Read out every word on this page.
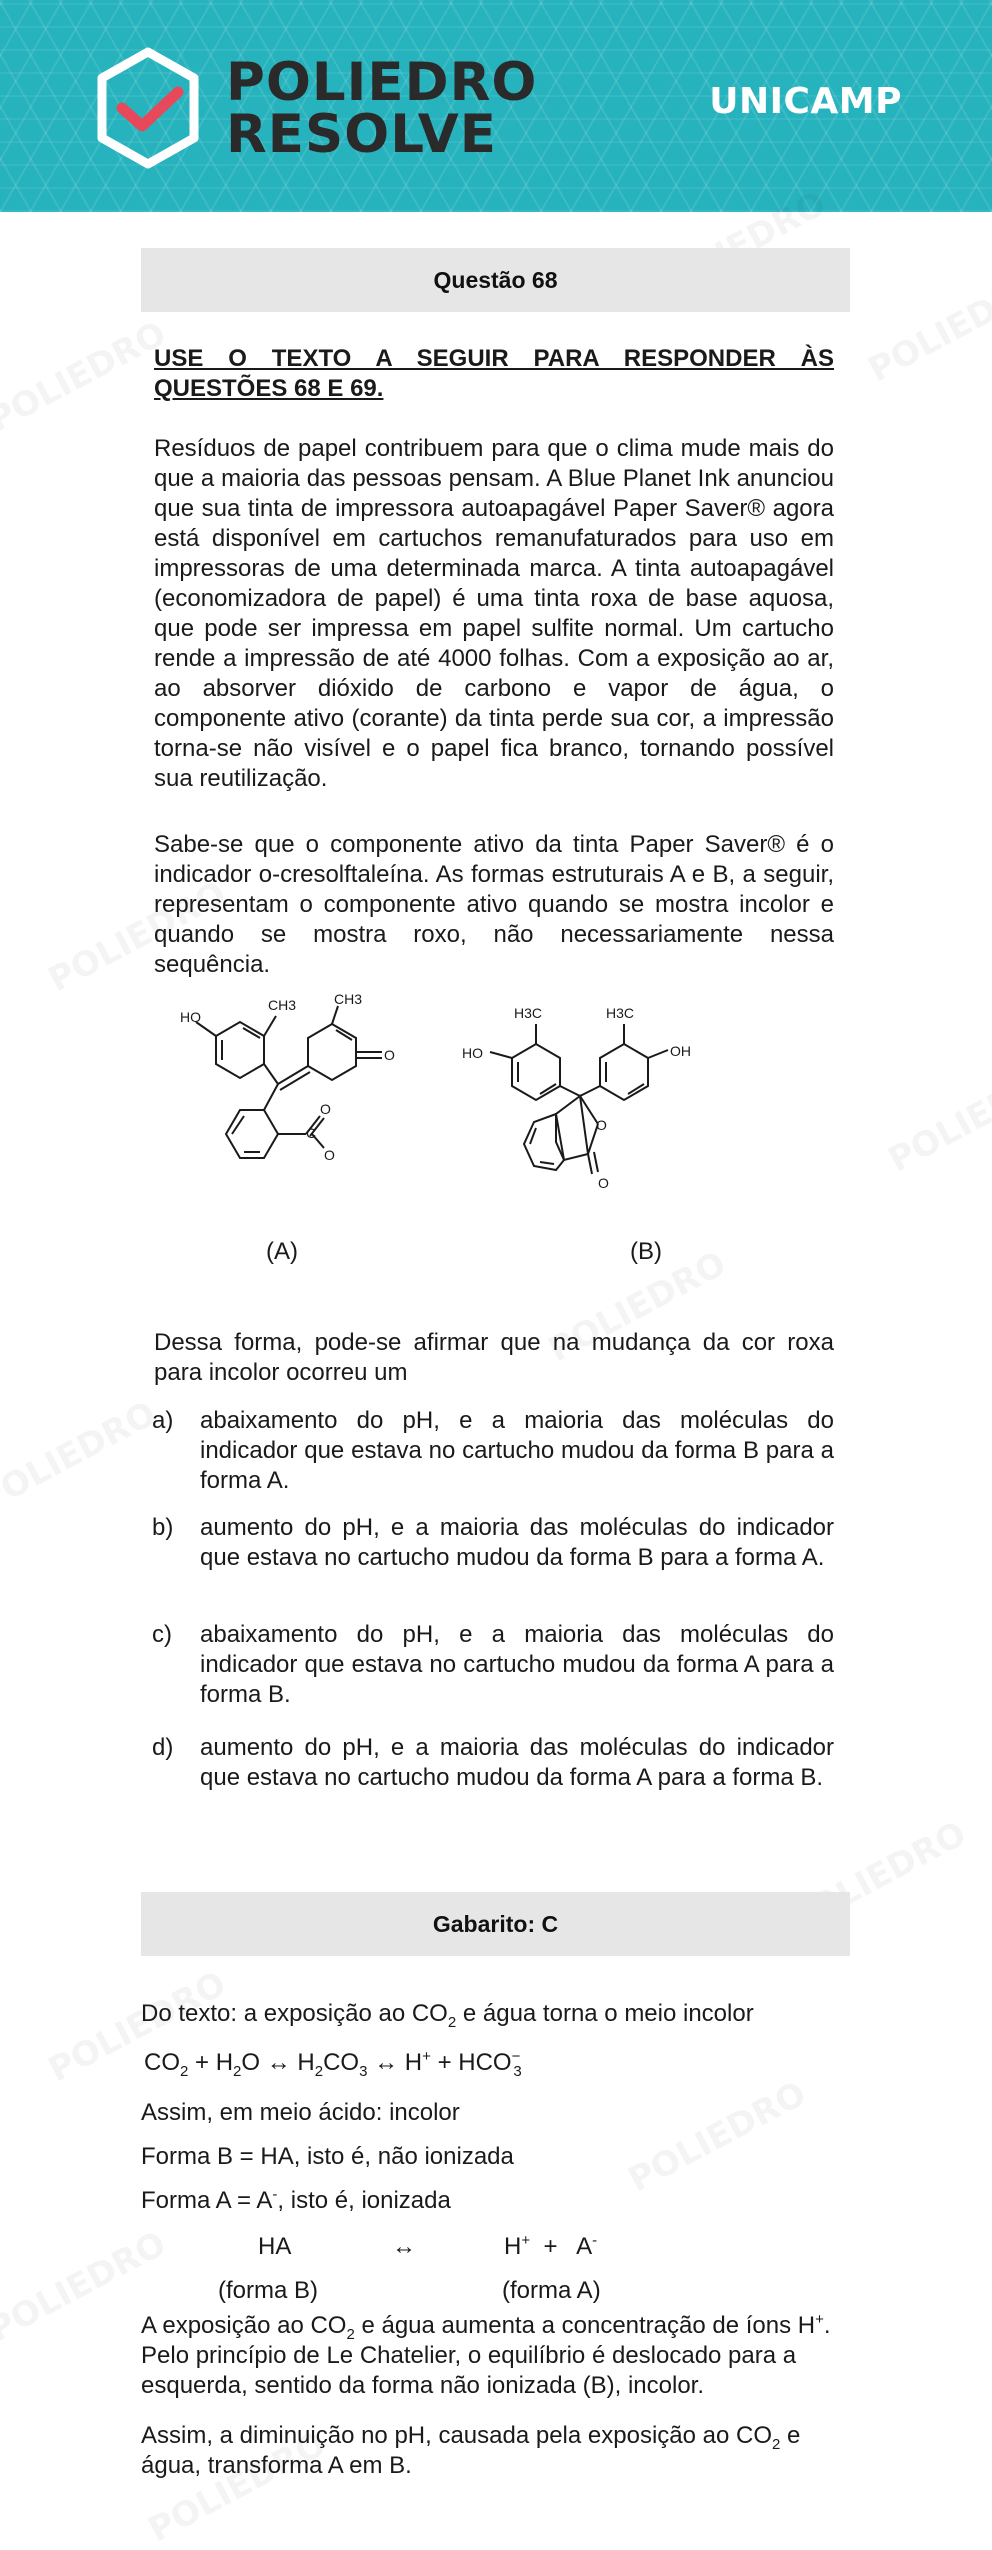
POLIEDRO
RESOLVE
UNICAMP
Questão 68

USE O TEXTO A SEGUIR PARA RESPONDER ÀS QUESTÕES 68 E 69.

Resíduos de papel contribuem para que o clima mude mais do que a maioria das pessoas pensam. A Blue Planet Ink anunciou que sua tinta de impressora autoapagável Paper Saver® agora está disponível em cartuchos remanufaturados para uso em impressoras de uma determinada marca. A tinta autoapagável (economizadora de papel) é uma tinta roxa de base aquosa, que pode ser impressa em papel sulfite normal. Um cartucho rende a impressão de até 4000 folhas. Com a exposição ao ar, ao absorver dióxido de carbono e vapor de água, o componente ativo (corante) da tinta perde sua cor, a impressão torna-se não visível e o papel fica branco, tornando possível sua reutilização.

Sabe-se que o componente ativo da tinta Paper Saver® é o indicador o-cresolftaleína. As formas estruturais A e B, a seguir, representam o componente ativo quando se mostra incolor e quando se mostra roxo, não necessariamente nessa sequência.

HO
CH3	CH3
O
C
O
O
HO	OH
H3C	H3C
O
O
(A)	(B)

Dessa forma, pode-se afirmar que na mudança da cor roxa para incolor ocorreu um

a) abaixamento do pH, e a maioria das moléculas do indicador que estava no cartucho mudou da forma B para a forma A.
b) aumento do pH, e a maioria das moléculas do indicador que estava no cartucho mudou da forma B para a forma A.
c) abaixamento do pH, e a maioria das moléculas do indicador que estava no cartucho mudou da forma A para a forma B.
d) aumento do pH, e a maioria das moléculas do indicador que estava no cartucho mudou da forma A para a forma B.
Gabarito: C
Do texto: a exposição ao $CO_2$ e água torna o meio incolor
$CO_2 + H_2O$ ↔ $H_2CO_3$ ↔ $H^+ + HCO^-_3$
Assim, em meio ácido: incolor
Forma B = HA, isto é, não ionizada
Forma A = A-, isto é, ionizada
HA	↔	H+ + A-
(forma B)	(forma A)
A exposição ao $CO_2$ e água aumenta a concentração de íons H+. Pelo princípio de Le Chatelier, o equilíbrio é deslocado para a esquerda, sentido da forma não ionizada (B), incolor.
Assim, a diminuição no pH, causada pela exposição ao $CO_2$ e água, transforma A em B.
